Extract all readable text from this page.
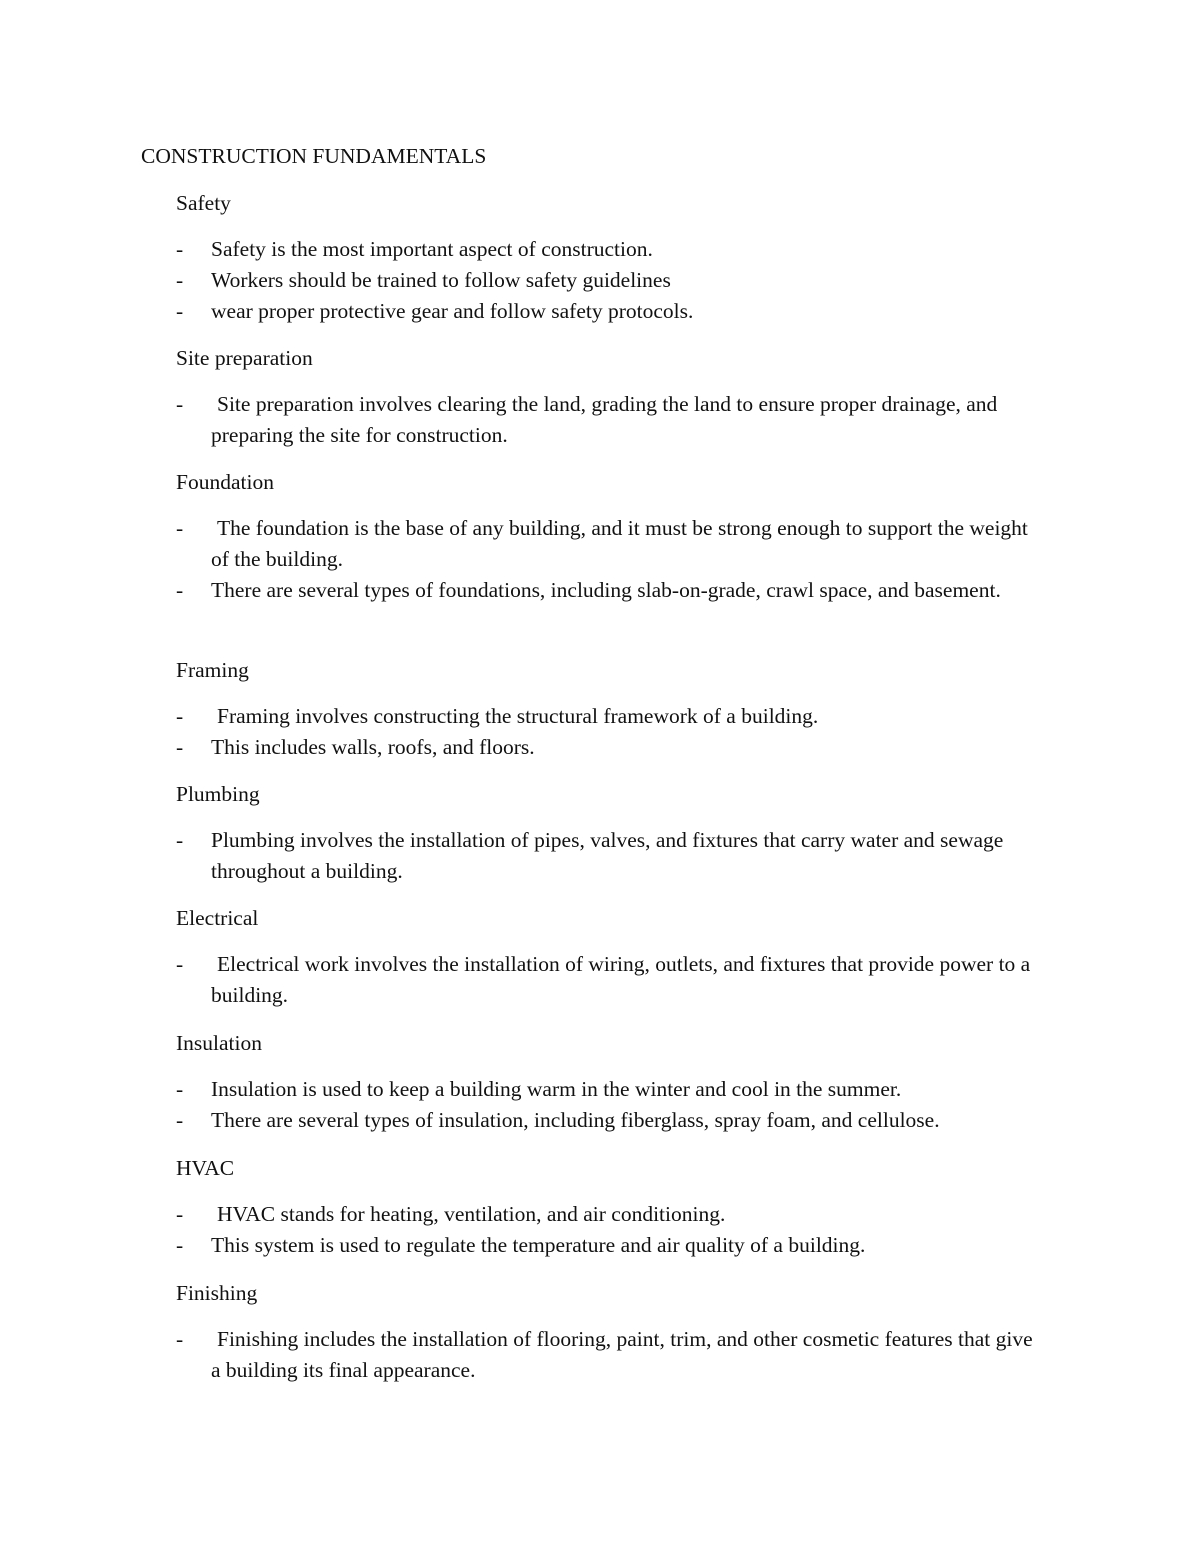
CONSTRUCTION FUNDAMENTALS
Safety
- Safety is the most important aspect of construction.
- Workers should be trained to follow safety guidelines
- wear proper protective gear and follow safety protocols.
Site preparation
- Site preparation involves clearing the land, grading the land to ensure proper drainage, and preparing the site for construction.
Foundation
- The foundation is the base of any building, and it must be strong enough to support the weight of the building.
- There are several types of foundations, including slab-on-grade, crawl space, and basement.
Framing
- Framing involves constructing the structural framework of a building.
- This includes walls, roofs, and floors.
Plumbing
- Plumbing involves the installation of pipes, valves, and fixtures that carry water and sewage throughout a building.
Electrical
- Electrical work involves the installation of wiring, outlets, and fixtures that provide power to a building.
Insulation
- Insulation is used to keep a building warm in the winter and cool in the summer.
- There are several types of insulation, including fiberglass, spray foam, and cellulose.
HVAC
- HVAC stands for heating, ventilation, and air conditioning.
- This system is used to regulate the temperature and air quality of a building.
Finishing
- Finishing includes the installation of flooring, paint, trim, and other cosmetic features that give a building its final appearance.
